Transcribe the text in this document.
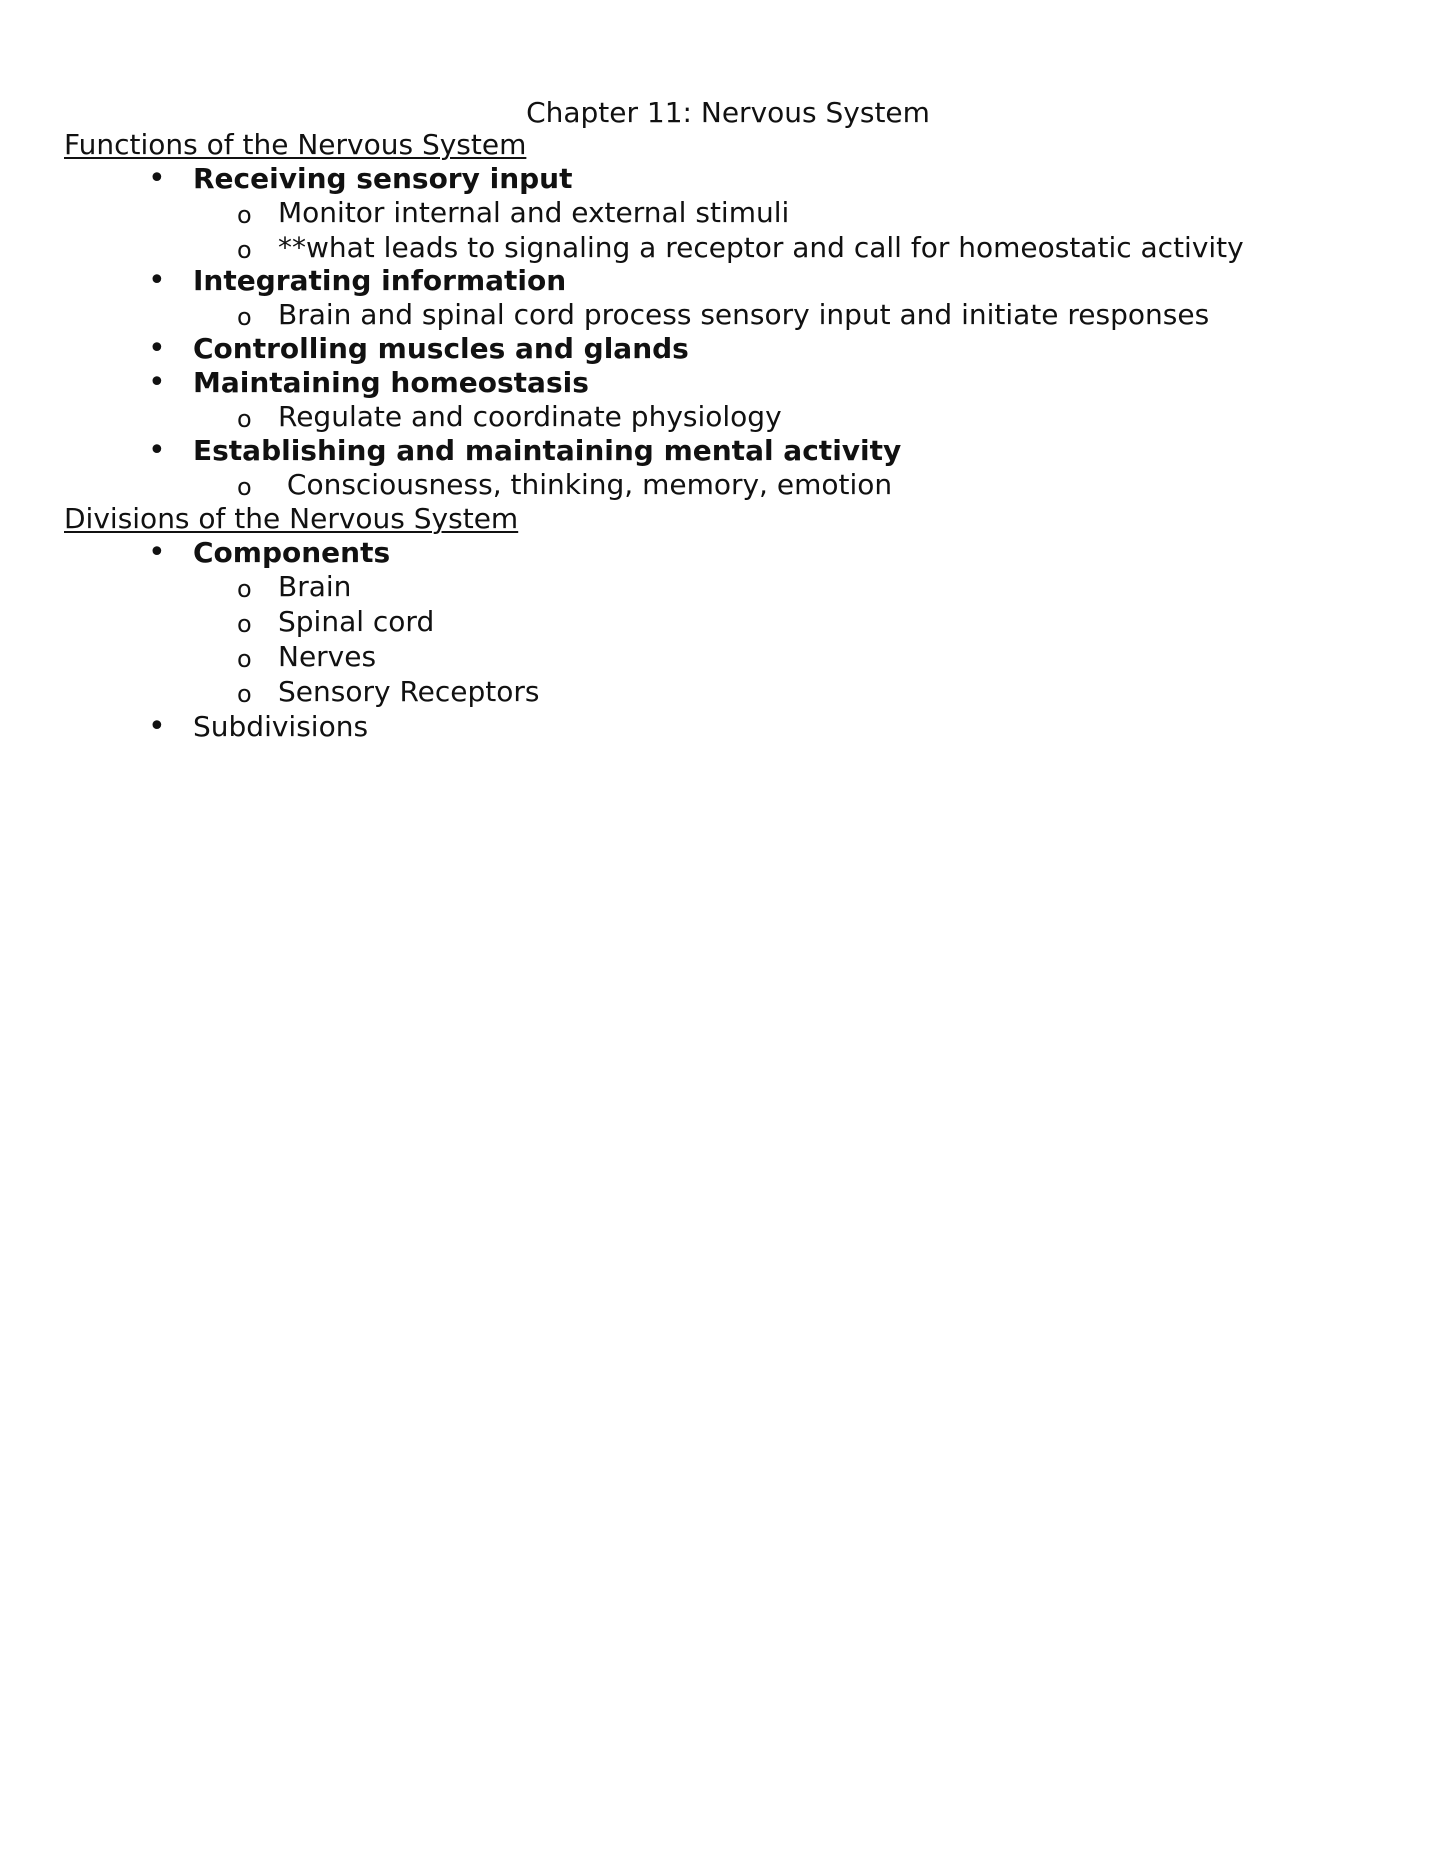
Chapter 11: Nervous System
Functions of the Nervous System
• Receiving sensory input
o Monitor internal and external stimuli
o **what leads to signaling a receptor and call for homeostatic activity
• Integrating information
o Brain and spinal cord process sensory input and initiate responses
• Controlling muscles and glands
• Maintaining homeostasis
o Regulate and coordinate physiology
• Establishing and maintaining mental activity
o Consciousness, thinking, memory, emotion
Divisions of the Nervous System
• Components
o Brain
o Spinal cord
o Nerves
o Sensory Receptors
• Subdivisions
